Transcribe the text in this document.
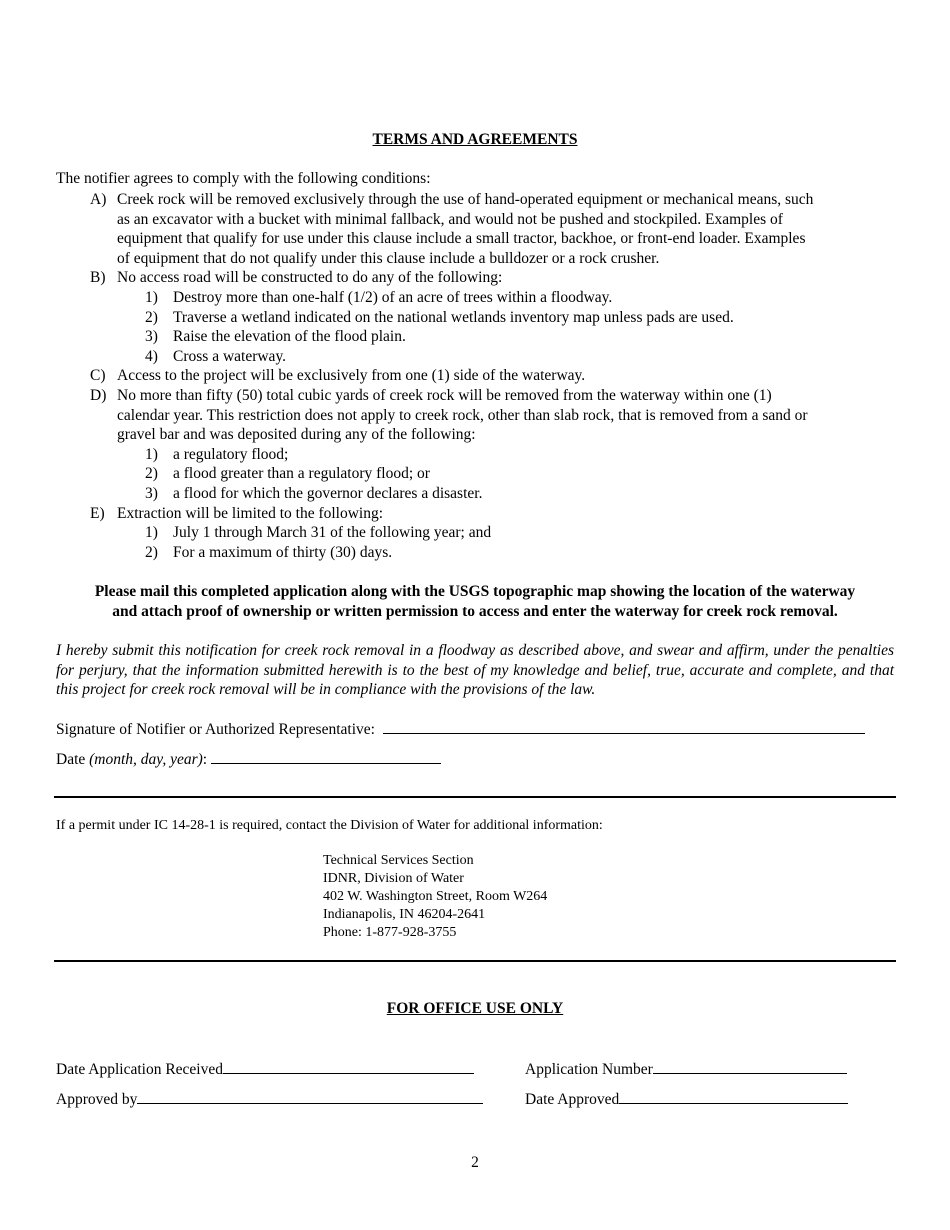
TERMS AND AGREEMENTS
The notifier agrees to comply with the following conditions:
A) Creek rock will be removed exclusively through the use of hand-operated equipment or mechanical means, such
as an excavator with a bucket with minimal fallback, and would not be pushed and stockpiled. Examples of
equipment that qualify for use under this clause include a small tractor, backhoe, or front-end loader. Examples
of equipment that do not qualify under this clause include a bulldozer or a rock crusher.
B) No access road will be constructed to do any of the following:
1) Destroy more than one-half (1/2) of an acre of trees within a floodway.
2) Traverse a wetland indicated on the national wetlands inventory map unless pads are used.
3) Raise the elevation of the flood plain.
4) Cross a waterway.
C) Access to the project will be exclusively from one (1) side of the waterway.
D) No more than fifty (50) total cubic yards of creek rock will be removed from the waterway within one (1)
calendar year. This restriction does not apply to creek rock, other than slab rock, that is removed from a sand or
gravel bar and was deposited during any of the following:
1) a regulatory flood;
2) a flood greater than a regulatory flood; or
3) a flood for which the governor declares a disaster.
E) Extraction will be limited to the following:
1) July 1 through March 31 of the following year; and
2) For a maximum of thirty (30) days.
Please mail this completed application along with the USGS topographic map showing the location of the waterway
and attach proof of ownership or written permission to access and enter the waterway for creek rock removal.
I hereby submit this notification for creek rock removal in a floodway as described above, and swear and affirm, under the penalties for perjury, that the information submitted herewith is to the best of my knowledge and belief, true, accurate and complete, and that this project for creek rock removal will be in compliance with the provisions of the law.
Signature of Notifier or Authorized Representative:
Date (month, day, year):
If a permit under IC 14-28-1 is required, contact the Division of Water for additional information:
Technical Services Section
IDNR, Division of Water
402 W. Washington Street, Room W264
Indianapolis, IN 46204-2641
Phone: 1-877-928-3755
FOR OFFICE USE ONLY
Date Application Received	Application Number
Approved by	Date Approved
2
